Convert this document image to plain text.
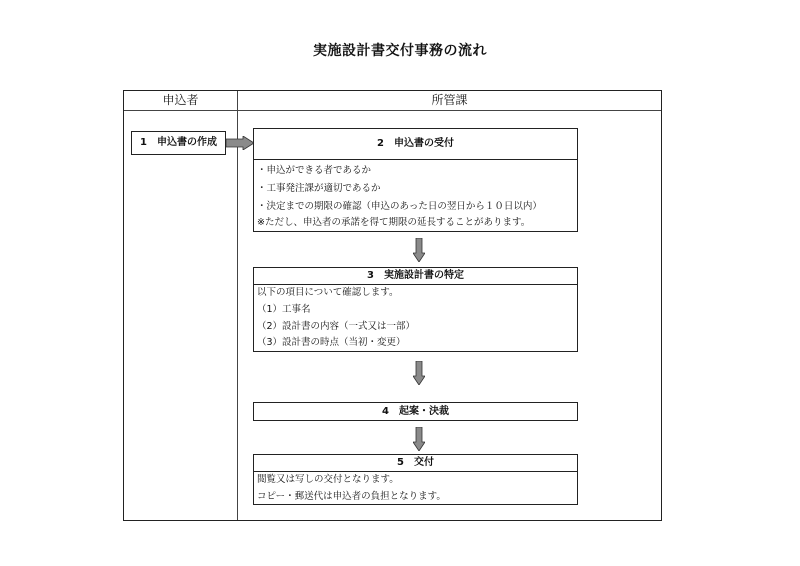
実施設計書交付事務の流れ
申込者	所管課
1　申込書の作成	2　申込書の受付
・申込ができる者であるか
・工事発注課が適切であるか
・決定までの期限の確認（申込のあった日の翌日から１０日以内）
※ただし、申込者の承諾を得て期限の延長することがあります。
3　実施設計書の特定
以下の項目について確認します。
（1）工事名
（2）設計書の内容（一式又は一部）
（3）設計書の時点（当初・変更）
4　起案・決裁
5　交付
閲覧又は写しの交付となります。
コピー・郵送代は申込者の負担となります。
